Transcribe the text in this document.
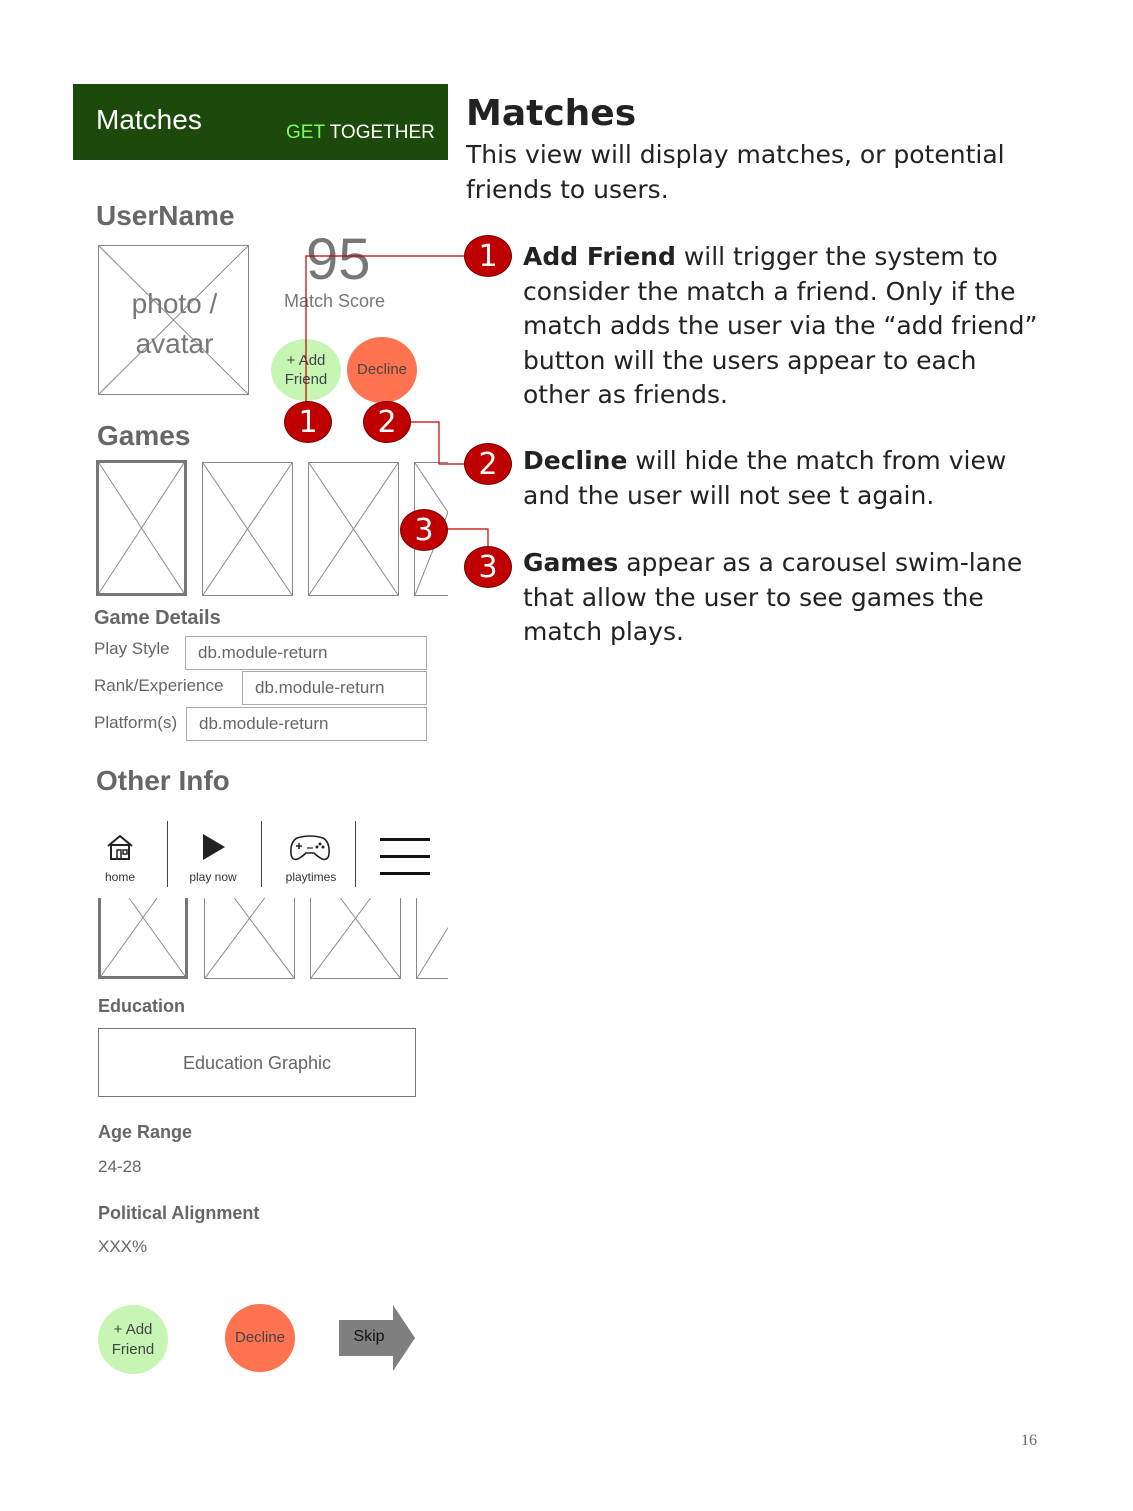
Matches	GET TOGETHER
UserName
photo / avatar
95
Match Score
+ Add Friend
Decline
Games
Game Details
Play Style	db.module-return
Rank/Experience	db.module-return
Platform(s)	db.module-return
Other Info
home	play now	playtimes
Education
Education Graphic
Age Range
24-28
Political Alignment
XXX%
+ Add Friend
Decline	Skip
1	2
3
Matches
This view will display matches, or potential friends to users.
1	Add Friend will trigger the system to consider the match a friend. Only if the match adds the user via the “add friend” button will the users appear to each other as friends.
2	Decline will hide the match from view and the user will not see t again.
3	Games appear as a carousel swim-lane that allow the user to see games the match plays.
16
